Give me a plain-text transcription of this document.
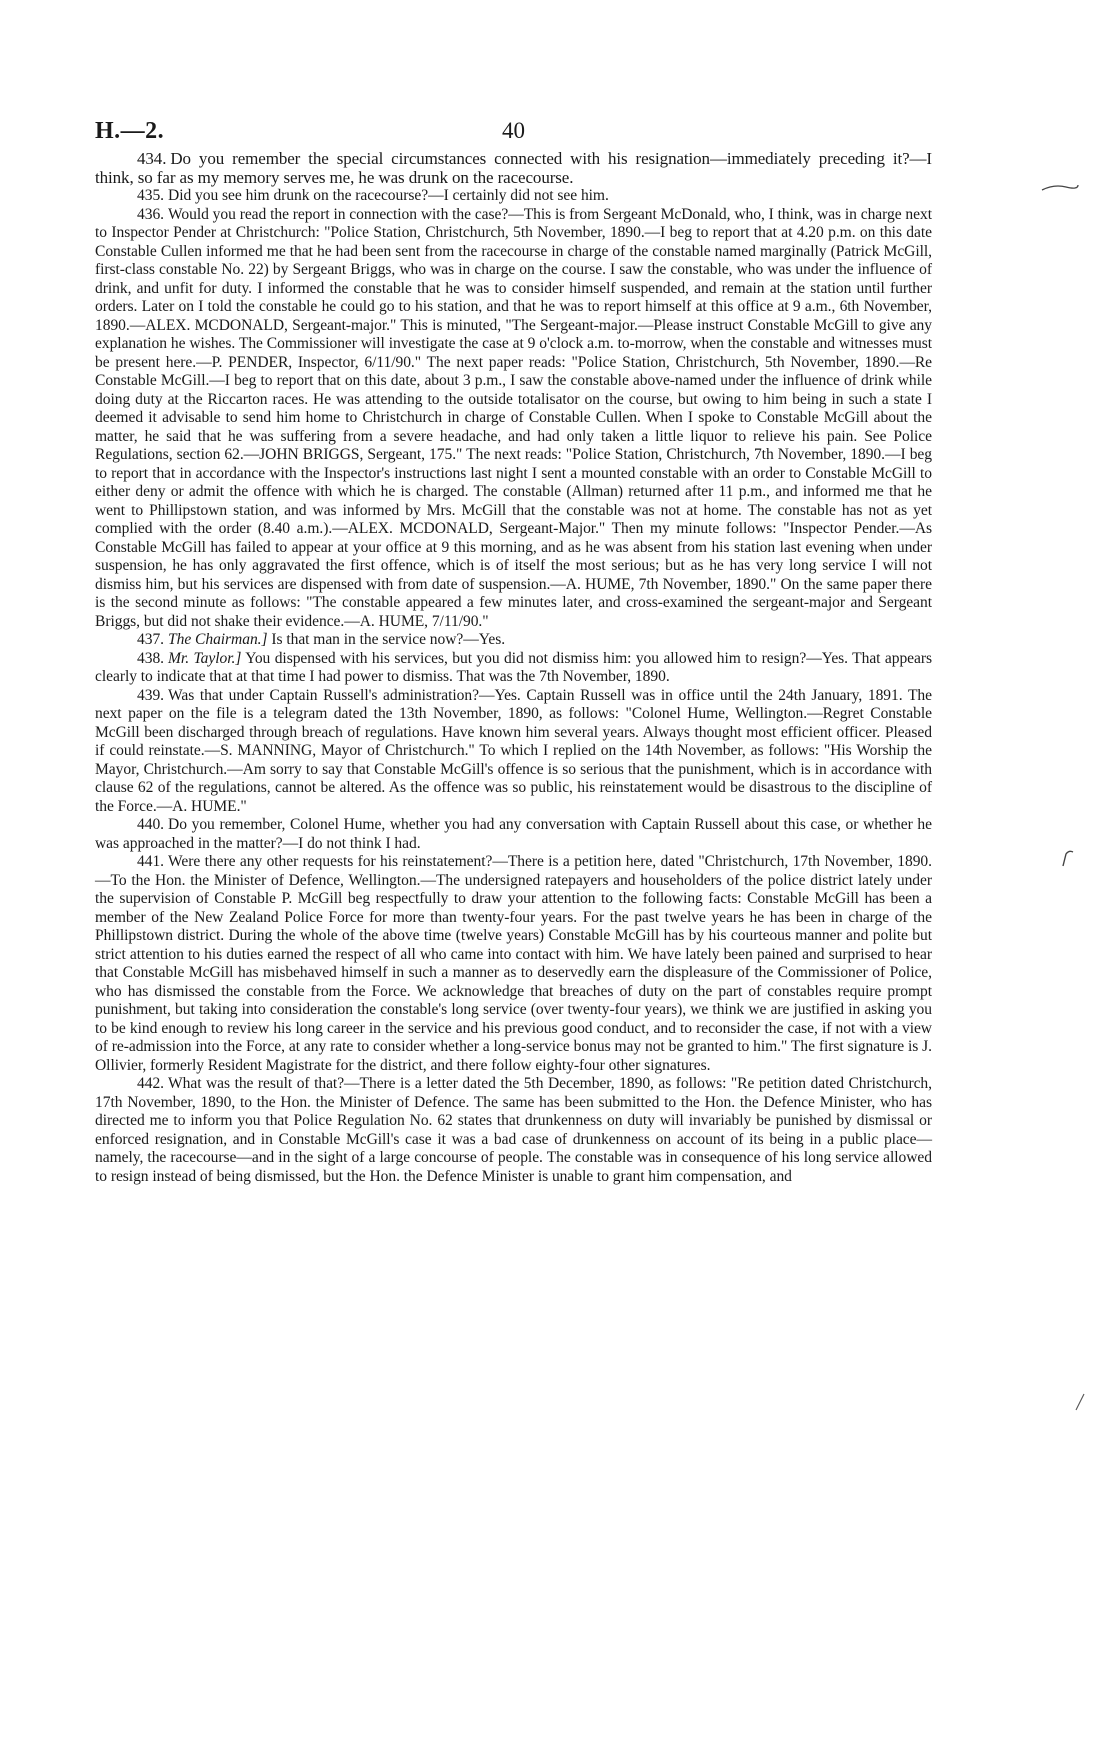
H.—2.	40

434. Do you remember the special circumstances connected with his resignation—immediately preceding it?—I think, so far as my memory serves me, he was drunk on the racecourse.

435. Did you see him drunk on the racecourse?—I certainly did not see him.

436. Would you read the report in connection with the case?—This is from Sergeant McDonald, who, I think, was in charge next to Inspector Pender at Christchurch: "Police Station, Christchurch, 5th November, 1890.—I beg to report that at 4.20 p.m. on this date Constable Cullen informed me that he had been sent from the racecourse in charge of the constable named marginally (Patrick McGill, first-class constable No. 22) by Sergeant Briggs, who was in charge on the course. I saw the constable, who was under the influence of drink, and unfit for duty. I informed the constable that he was to consider himself suspended, and remain at the station until further orders. Later on I told the constable he could go to his station, and that he was to report himself at this office at 9 a.m., 6th November, 1890.—ALEX. MCDONALD, Sergeant-major." This is minuted, "The Sergeant-major.—Please instruct Constable McGill to give any explanation he wishes. The Commissioner will investigate the case at 9 o'clock a.m. to-morrow, when the constable and witnesses must be present here.—P. PENDER, Inspector, 6/11/90." The next paper reads: "Police Station, Christchurch, 5th November, 1890.—Re Constable McGill.—I beg to report that on this date, about 3 p.m., I saw the constable above-named under the influence of drink while doing duty at the Riccarton races. He was attending to the outside totalisator on the course, but owing to him being in such a state I deemed it advisable to send him home to Christchurch in charge of Constable Cullen. When I spoke to Constable McGill about the matter, he said that he was suffering from a severe headache, and had only taken a little liquor to relieve his pain. See Police Regulations, section 62.—JOHN BRIGGS, Sergeant, 175." The next reads: "Police Station, Christchurch, 7th November, 1890.—I beg to report that in accordance with the Inspector's instructions last night I sent a mounted constable with an order to Constable McGill to either deny or admit the offence with which he is charged. The constable (Allman) returned after 11 p.m., and informed me that he went to Phillipstown station, and was informed by Mrs. McGill that the constable was not at home. The constable has not as yet complied with the order (8.40 a.m.).—ALEX. MCDONALD, Sergeant-Major." Then my minute follows: "Inspector Pender.—As Constable McGill has failed to appear at your office at 9 this morning, and as he was absent from his station last evening when under suspension, he has only aggravated the first offence, which is of itself the most serious; but as he has very long service I will not dismiss him, but his services are dispensed with from date of suspension.—A. HUME, 7th November, 1890." On the same paper there is the second minute as follows: "The constable appeared a few minutes later, and cross-examined the sergeant-major and Sergeant Briggs, but did not shake their evidence.—A. HUME, 7/11/90."

437. The Chairman.] Is that man in the service now?—Yes.

438. Mr. Taylor.] You dispensed with his services, but you did not dismiss him: you allowed him to resign?—Yes. That appears clearly to indicate that at that time I had power to dismiss. That was the 7th November, 1890.

439. Was that under Captain Russell's administration?—Yes. Captain Russell was in office until the 24th January, 1891. The next paper on the file is a telegram dated the 13th November, 1890, as follows: "Colonel Hume, Wellington.—Regret Constable McGill been discharged through breach of regulations. Have known him several years. Always thought most efficient officer. Pleased if could reinstate.—S. MANNING, Mayor of Christchurch." To which I replied on the 14th November, as follows: "His Worship the Mayor, Christchurch.—Am sorry to say that Constable McGill's offence is so serious that the punishment, which is in accordance with clause 62 of the regulations, cannot be altered. As the offence was so public, his reinstatement would be disastrous to the discipline of the Force.—A. HUME."

440. Do you remember, Colonel Hume, whether you had any conversation with Captain Russell about this case, or whether he was approached in the matter?—I do not think I had.

441. Were there any other requests for his reinstatement?—There is a petition here, dated "Christchurch, 17th November, 1890.—To the Hon. the Minister of Defence, Wellington.—The undersigned ratepayers and householders of the police district lately under the supervision of Constable P. McGill beg respectfully to draw your attention to the following facts: Constable McGill has been a member of the New Zealand Police Force for more than twenty-four years. For the past twelve years he has been in charge of the Phillipstown district. During the whole of the above time (twelve years) Constable McGill has by his courteous manner and polite but strict attention to his duties earned the respect of all who came into contact with him. We have lately been pained and surprised to hear that Constable McGill has misbehaved himself in such a manner as to deservedly earn the displeasure of the Commissioner of Police, who has dismissed the constable from the Force. We acknowledge that breaches of duty on the part of constables require prompt punishment, but taking into consideration the constable's long service (over twenty-four years), we think we are justified in asking you to be kind enough to review his long career in the service and his previous good conduct, and to reconsider the case, if not with a view of re-admission into the Force, at any rate to consider whether a long-service bonus may not be granted to him." The first signature is J. Ollivier, formerly Resident Magistrate for the district, and there follow eighty-four other signatures.

442. What was the result of that?—There is a letter dated the 5th December, 1890, as follows: "Re petition dated Christchurch, 17th November, 1890, to the Hon. the Minister of Defence. The same has been submitted to the Hon. the Defence Minister, who has directed me to inform you that Police Regulation No. 62 states that drunkenness on duty will invariably be punished by dismissal or enforced resignation, and in Constable McGill's case it was a bad case of drunkenness on account of its being in a public place—namely, the racecourse—and in the sight of a large concourse of people. The constable was in consequence of his long service allowed to resign instead of being dismissed, but the Hon. the Defence Minister is unable to grant him compensation, and
